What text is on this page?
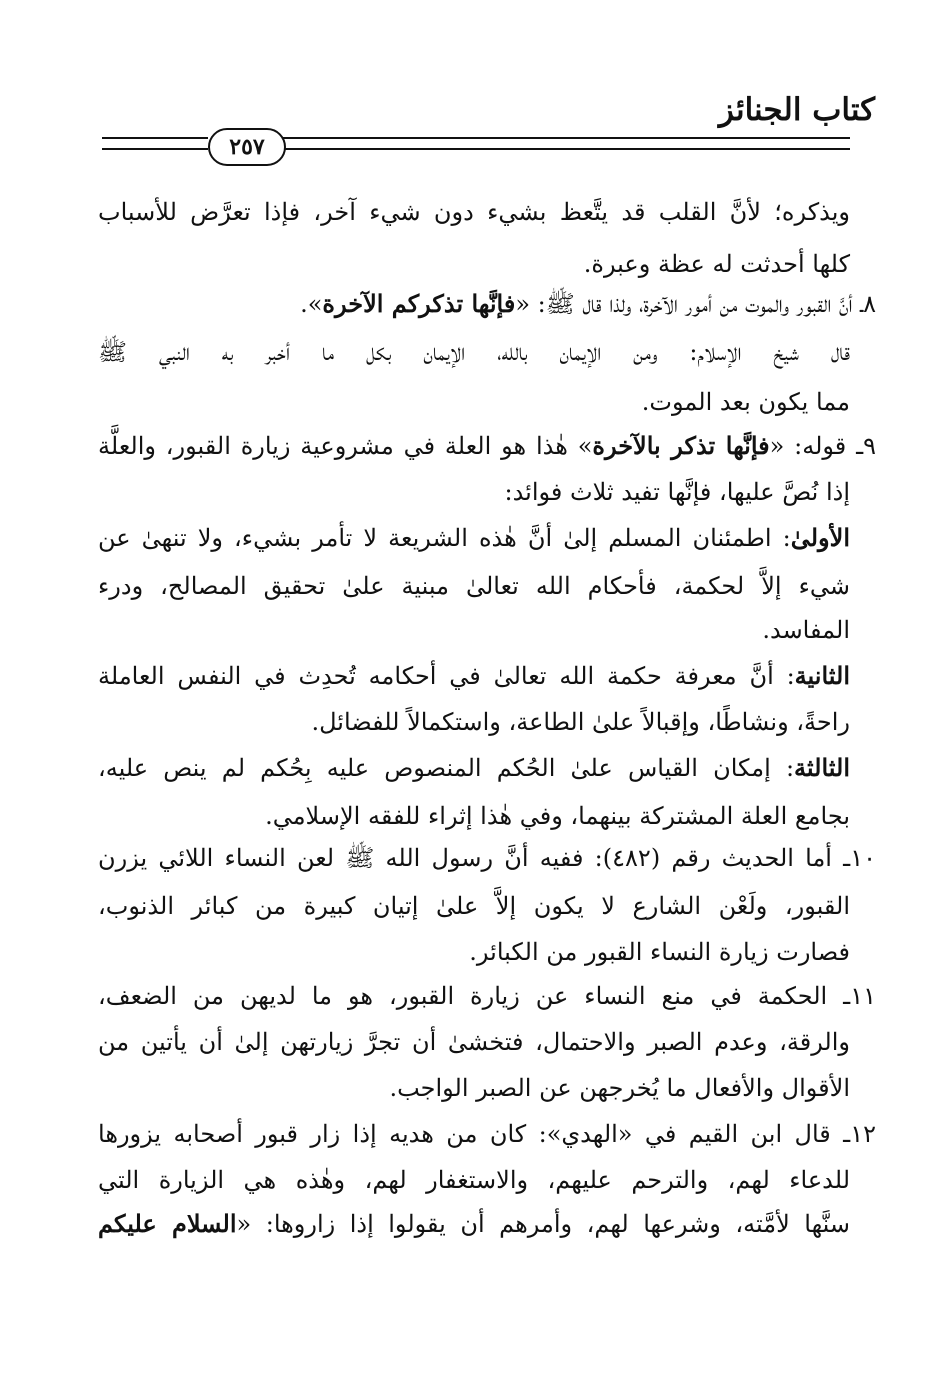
كتاب الجنائز
٢٥٧
ويذكره؛ لأنَّ القلب قد يتَّعظ بشيء دون شيء آخر، فإذا تعرَّض للأسباب
كلها أحدثت له عظة وعبرة.
٨ـ أنَّ القبور والموت من أمور الآخرة، ولذا قال ﷺ: «فإنَّها تذكركم الآخرة».
قال شيخ الإسلام: ومن الإيمان بالله، الإيمان بكل ما أخبر به النبي ﷺ
مما يكون بعد الموت.
٩ـ قوله: «فإنَّها تذكر بالآخرة» هٰذا هو العلة في مشروعية زيارة القبور، والعلَّة
إذا نُصَّ عليها، فإنَّها تفيد ثلاث فوائد:
الأولىٰ: اطمئنان المسلم إلىٰ أنَّ هٰذه الشريعة لا تأمر بشيء، ولا تنهىٰ عن
شيء إلاَّ لحكمة، فأحكام الله تعالىٰ مبنية علىٰ تحقيق المصالح، ودرء
المفاسد.
الثانية: أنَّ معرفة حكمة الله تعالىٰ في أحكامه تُحدِث في النفس العاملة
راحةً، ونشاطًا، وإقبالاً علىٰ الطاعة، واستكمالاً للفضائل.
الثالثة: إمكان القياس علىٰ الحُكم المنصوص عليه بِحُكم لم ينص عليه،
بجامع العلة المشتركة بينهما، وفي هٰذا إثراء للفقه الإسلامي.
١٠ـ أما الحديث رقم (٤٨٢): ففيه أنَّ رسول الله ﷺ لعن النساء اللائي يزرن
القبور، ولَعْن الشارع لا يكون إلاَّ علىٰ إتيان كبيرة من كبائر الذنوب،
فصارت زيارة النساء القبور من الكبائر.
١١ـ الحكمة في منع النساء عن زيارة القبور، هو ما لديهن من الضعف،
والرقة، وعدم الصبر والاحتمال، فتخشىٰ أن تجرَّ زيارتهن إلىٰ أن يأتين من
الأقوال والأفعال ما يُخرجهن عن الصبر الواجب.
١٢ـ قال ابن القيم في «الهدي»: كان من هديه إذا زار قبور أصحابه يزورها
للدعاء لهم، والترحم عليهم، والاستغفار لهم، وهٰذه هي الزيارة التي
سنَّها لأمَّته، وشرعها لهم، وأمرهم أن يقولوا إذا زاروها: «السلام عليكم
